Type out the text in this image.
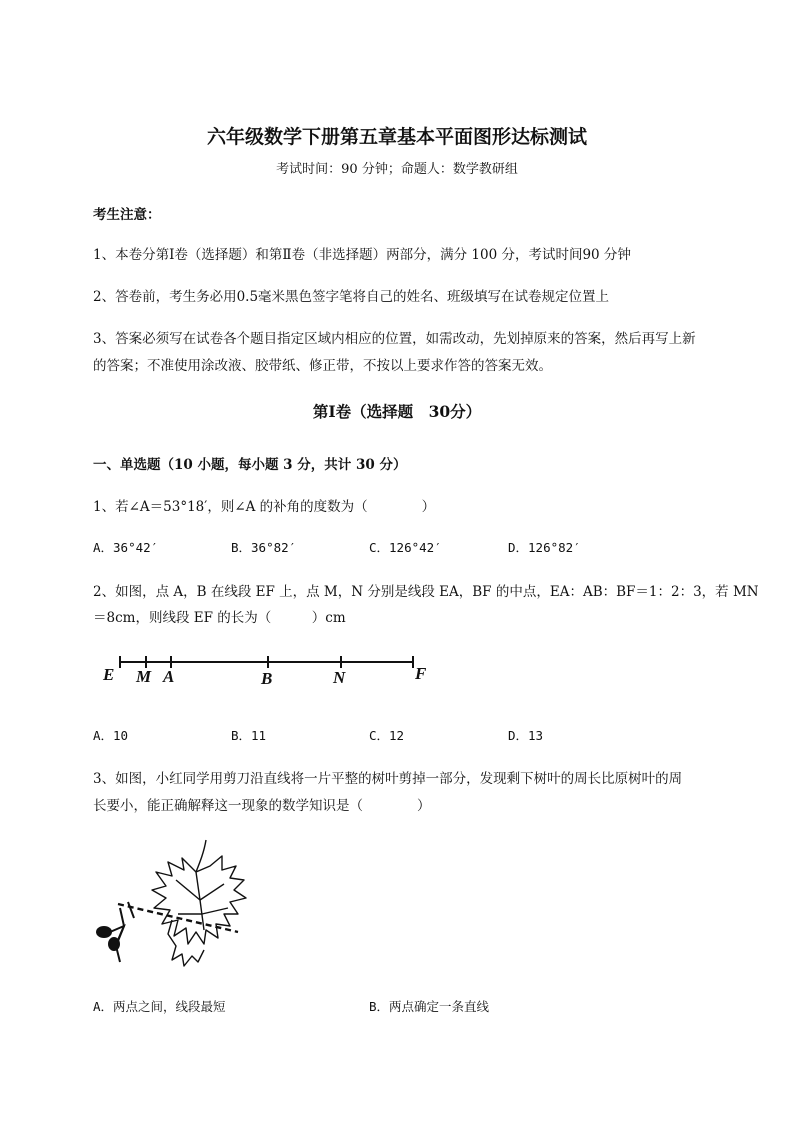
六年级数学下册第五章基本平面图形达标测试
考试时间：90 分钟；命题人：数学教研组
考生注意：
1、本卷分第Ⅰ卷（选择题）和第Ⅱ卷（非选择题）两部分，满分 100 分，考试时间90 分钟
2、答卷前，考生务必用0.5毫米黑色签字笔将自己的姓名、班级填写在试卷规定位置上
3、答案必须写在试卷各个题目指定区域内相应的位置，如需改动，先划掉原来的答案，然后再写上新
的答案；不准使用涂改液、胶带纸、修正带，不按以上要求作答的答案无效。
第Ⅰ卷（选择题　30分）
一、单选题（10 小题，每小题 3 分，共计 30 分）
1、若∠A＝53°18′，则∠A 的补角的度数为（　　　　）
A．36°42′	B．36°82′	C．126°42′	D．126°82′
2、如图，点 A，B 在线段 EF 上，点 M，N 分别是线段 EA，BF 的中点，EA：AB：BF＝1：2：3，若 MN
＝8cm，则线段 EF 的长为（　　　）cm
E M A	B	N	F
A．10	B．11	C．12	D．13
3、如图，小红同学用剪刀沿直线将一片平整的树叶剪掉一部分，发现剩下树叶的周长比原树叶的周
长要小，能正确解释这一现象的数学知识是（　　　　）
A．两点之间，线段最短	B．两点确定一条直线
